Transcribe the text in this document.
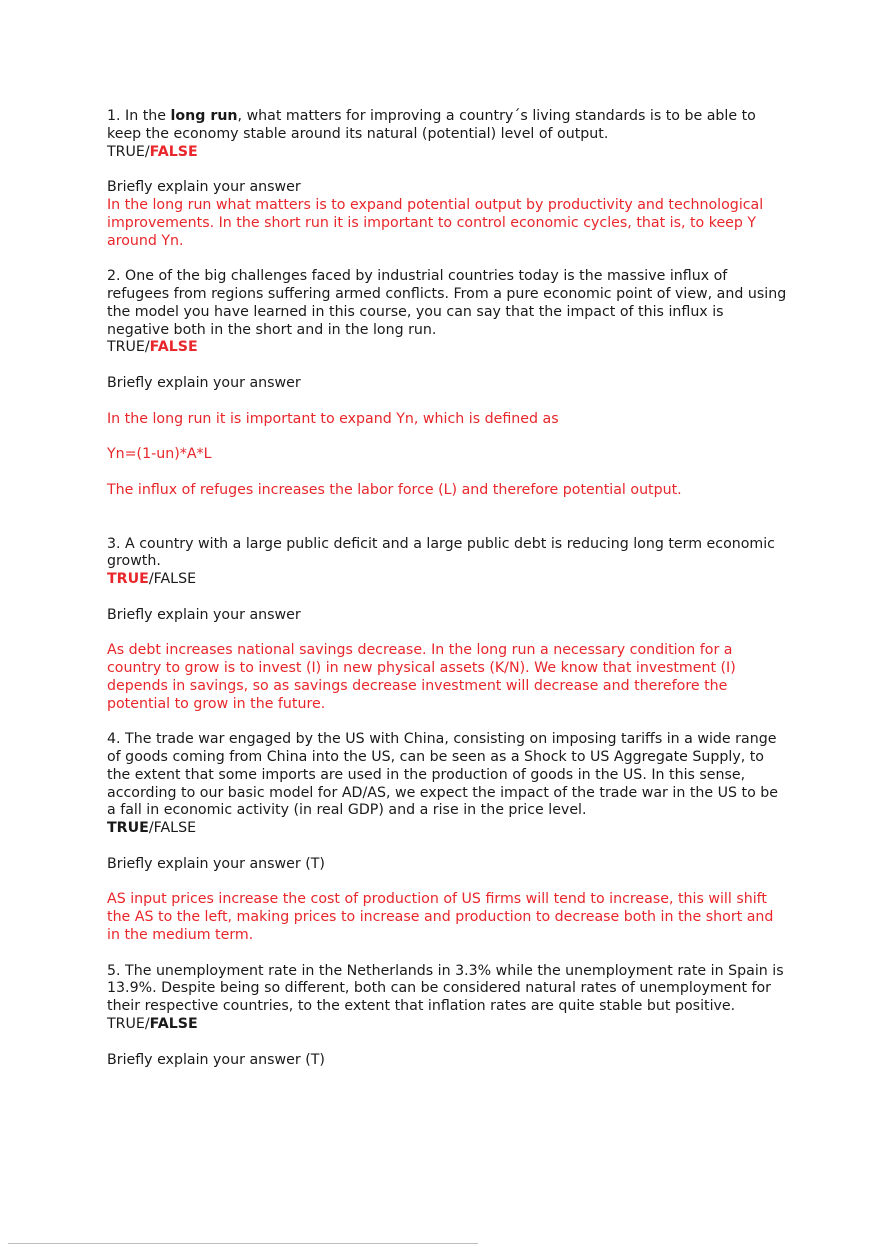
1. In the long run, what matters for improving a country´s living standards is to be able to keep the economy stable around its natural (potential) level of output.

TRUE/FALSE

Briefly explain your answer

In the long run what matters is to expand potential output by productivity and technological improvements. In the short run it is important to control economic cycles, that is, to keep Y around Yn.

2. One of the big challenges faced by industrial countries today is the massive influx of refugees from regions suffering armed conflicts. From a pure economic point of view, and using the model you have learned in this course, you can say that the impact of this influx is negative both in the short and in the long run.

TRUE/FALSE

Briefly explain your answer

In the long run it is important to expand Yn, which is defined as

Yn=(1-un)*A*L

The influx of refuges increases the labor force (L) and therefore potential output.

3. A country with a large public deficit and a large public debt is reducing long term economic growth.

TRUE/FALSE

Briefly explain your answer

As debt increases national savings decrease. In the long run a necessary condition for a country to grow is to invest (I) in new physical assets (K/N). We know that investment (I) depends in savings, so as savings decrease investment will decrease and therefore the potential to grow in the future.

4. The trade war engaged by the US with China, consisting on imposing tariffs in a wide range of goods coming from China into the US, can be seen as a Shock to US Aggregate Supply, to the extent that some imports are used in the production of goods in the US. In this sense, according to our basic model for AD/AS, we expect the impact of the trade war in the US to be a fall in economic activity (in real GDP) and a rise in the price level.

TRUE/FALSE

Briefly explain your answer (T)

AS input prices increase the cost of production of US firms will tend to increase, this will shift the AS to the left, making prices to increase and production to decrease both in the short and in the medium term.

5. The unemployment rate in the Netherlands in 3.3% while the unemployment rate in Spain is 13.9%. Despite being so different, both can be considered natural rates of unemployment for their respective countries, to the extent that inflation rates are quite stable but positive.

TRUE/FALSE

Briefly explain your answer (T)
